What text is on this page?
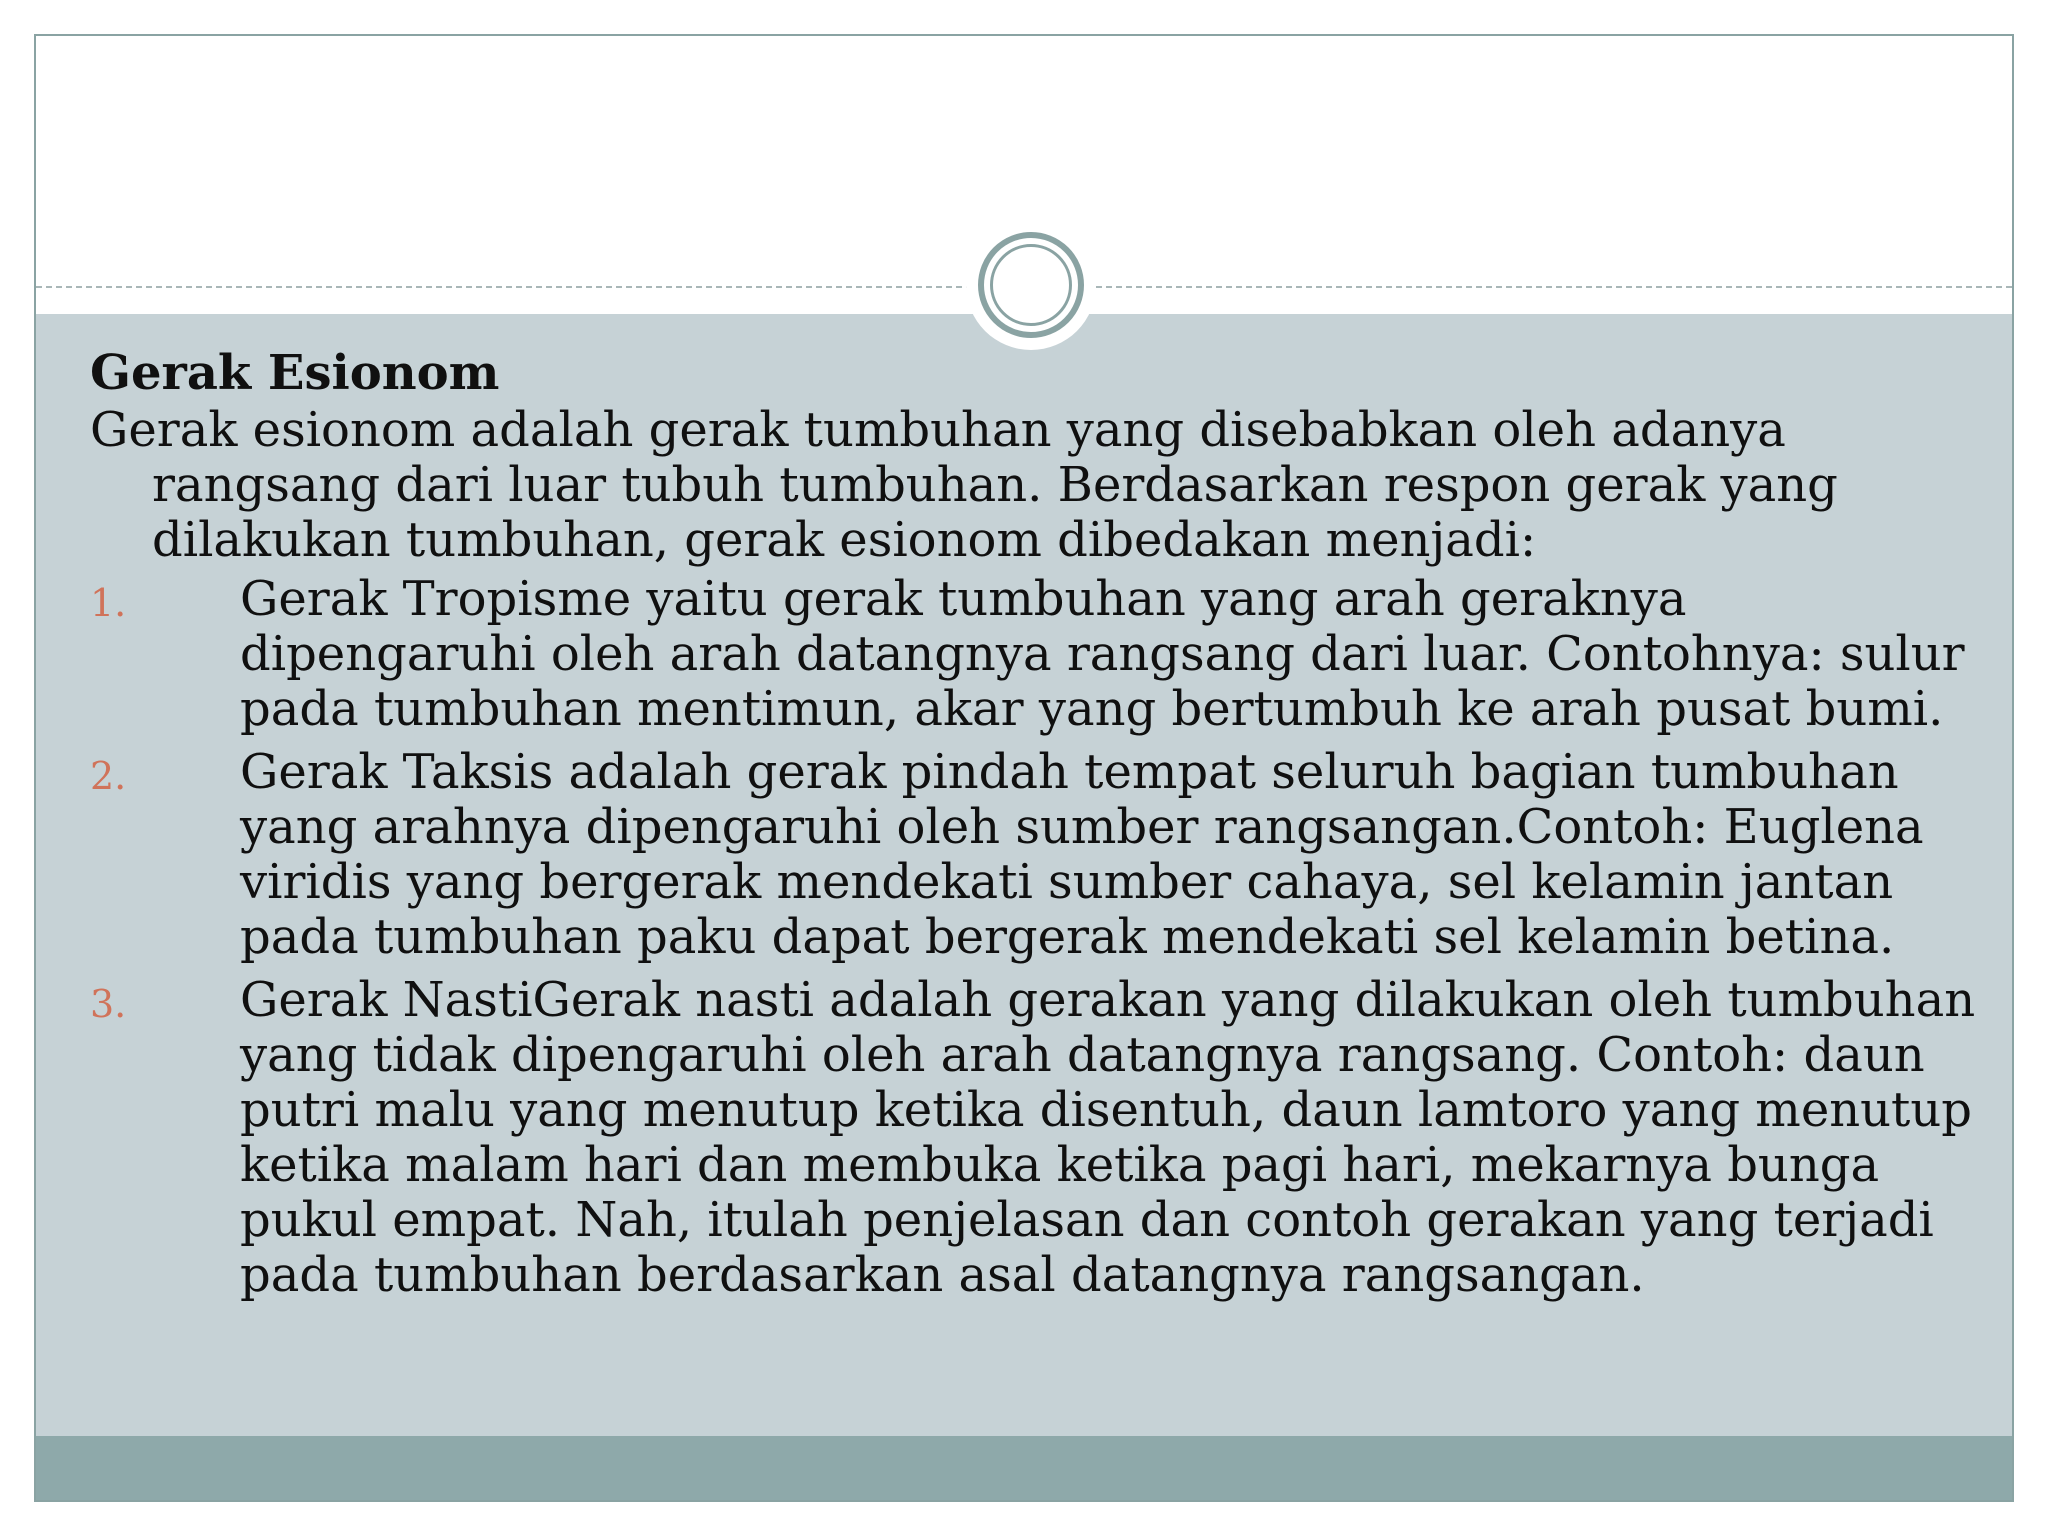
Gerak Esionom
Gerak esionom adalah gerak tumbuhan yang disebabkan oleh adanya rangsang dari luar tubuh tumbuhan. Berdasarkan respon gerak yang dilakukan tumbuhan, gerak esionom dibedakan menjadi:
1. Gerak Tropisme yaitu gerak tumbuhan yang arah geraknya dipengaruhi oleh arah datangnya rangsang dari luar. Contohnya: sulur pada tumbuhan mentimun, akar yang bertumbuh ke arah pusat bumi.
2. Gerak Taksis adalah gerak pindah tempat seluruh bagian tumbuhan yang arahnya dipengaruhi oleh sumber rangsangan.Contoh: Euglena viridis yang bergerak mendekati sumber cahaya, sel kelamin jantan pada tumbuhan paku dapat bergerak mendekati sel kelamin betina.
3. Gerak NastiGerak nasti adalah gerakan yang dilakukan oleh tumbuhan yang tidak dipengaruhi oleh arah datangnya rangsang. Contoh: daun putri malu yang menutup ketika disentuh, daun lamtoro yang menutup ketika malam hari dan membuka ketika pagi hari, mekarnya bunga pukul empat. Nah, itulah penjelasan dan contoh gerakan yang terjadi pada tumbuhan berdasarkan asal datangnya rangsangan.
